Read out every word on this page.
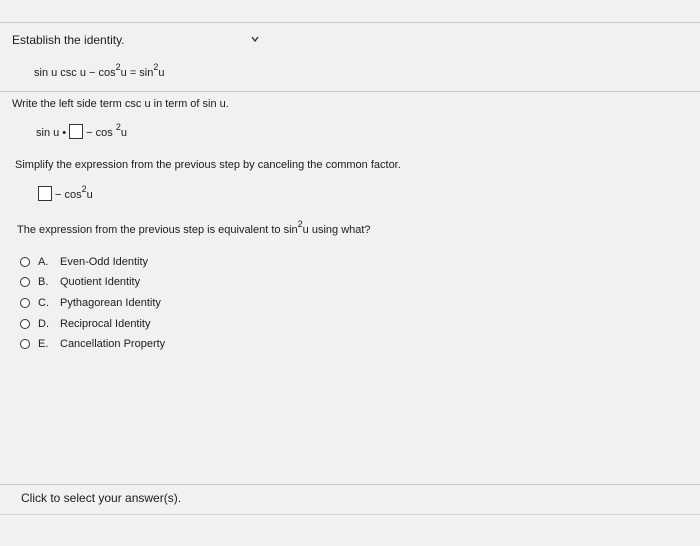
Establish the identity.
sin u $\csc u - \cos^2u = \sin^2u$
Write the left side term csc u in term of sin u.
sin u • − cos $^2$u
Simplify the expression from the previous step by canceling the common factor.
− $\cos^2u$
The expression from the previous step is equivalent to $\sin^2u$ using what?
A.	Even-Odd Identity
B.	Quotient Identity
C.	Pythagorean Identity
D.	Reciprocal Identity
E.	Cancellation Property
Click to select your answer(s).
